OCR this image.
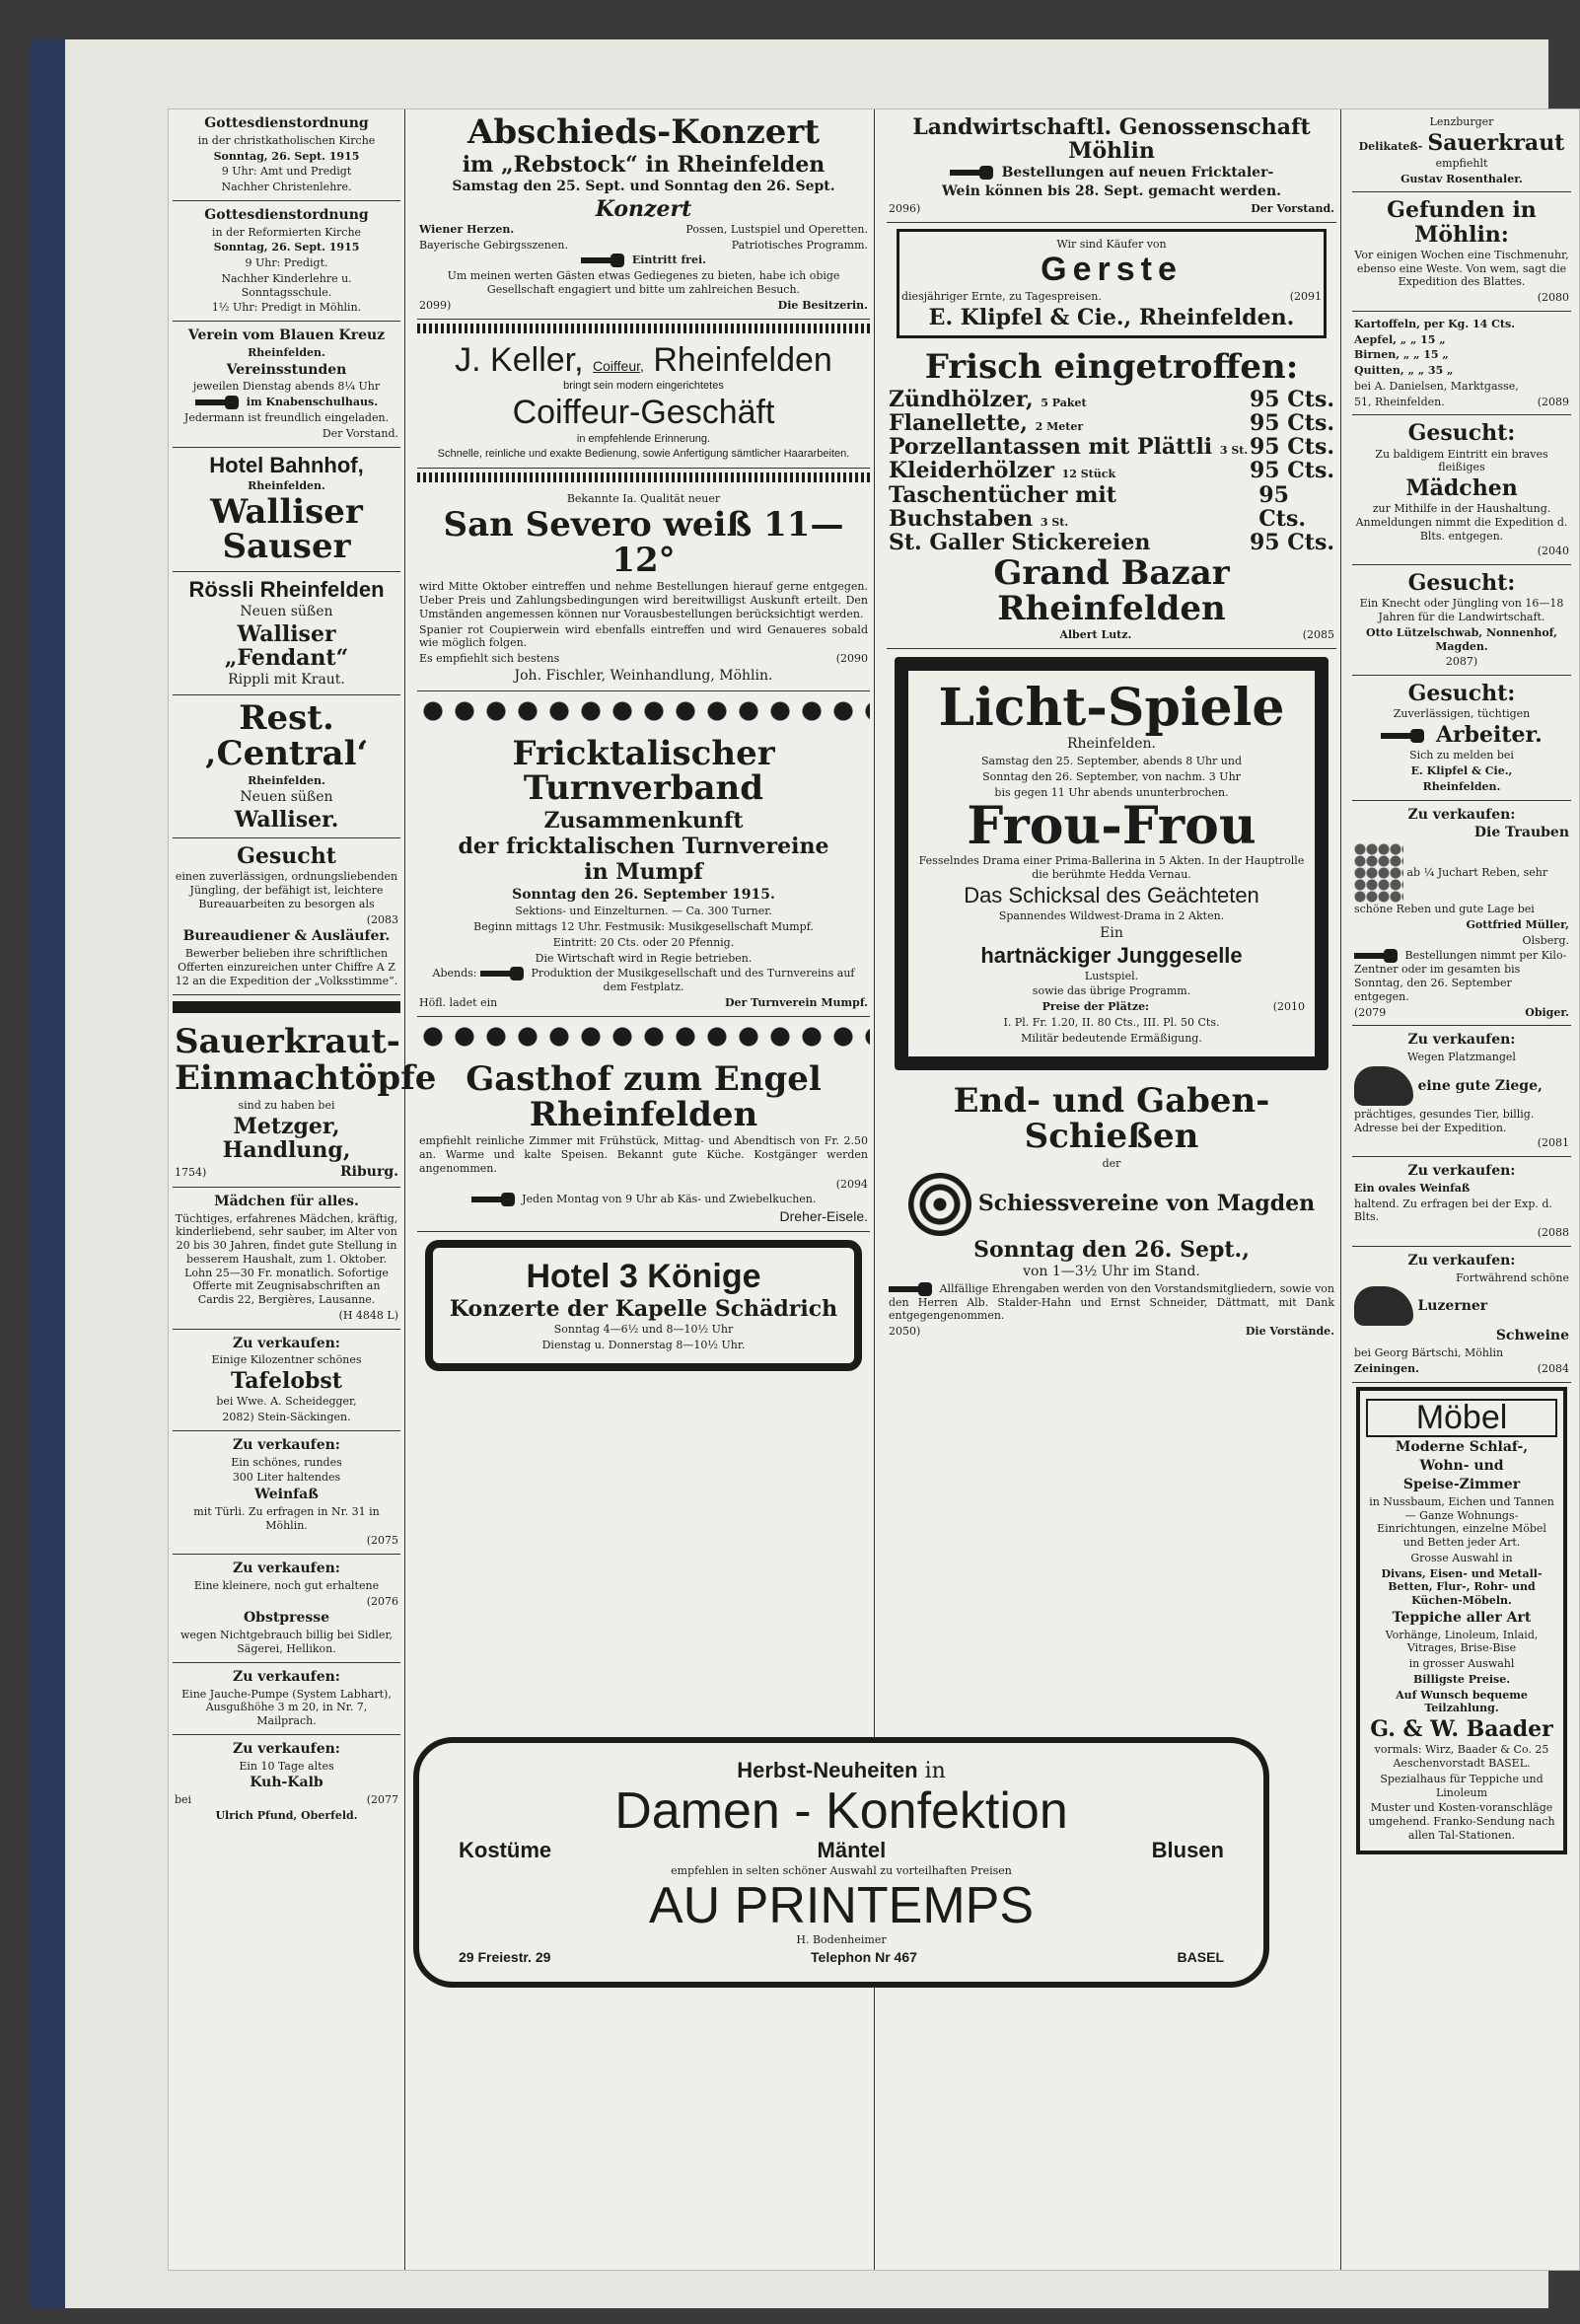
Gottesdienstordnung

in der christkatholischen Kirche

Sonntag, 26. Sept. 1915

9 Uhr: Amt und Predigt

Nachher Christenlehre.

Gottesdienstordnung

in der Reformierten Kirche

Sonntag, 26. Sept. 1915

9 Uhr: Predigt.

Nachher Kinderlehre u. Sonntagsschule.

1½ Uhr: Predigt in Möhlin.

Verein vom Blauen Kreuz

Rheinfelden.

Vereinsstunden

jeweilen Dienstag abends 8¼ Uhr

im Knabenschulhaus.

Jedermann ist freundlich eingeladen.

Der Vorstand.

Hotel Bahnhof,

Rheinfelden.

Walliser Sauser

Rössli Rheinfelden

Neuen süßen

Walliser „Fendant“

Rippli mit Kraut.

Rest. ‚Central‘

Rheinfelden.

Neuen süßen

Walliser.

Gesucht

einen zuverlässigen, ordnungsliebenden Jüngling, der befähigt ist, leichtere Bureauarbeiten zu besorgen als

(2083

Bureaudiener & Ausläufer.

Bewerber belieben ihre schriftlichen Offerten einzureichen unter Chiffre A Z 12 an die Expedition der „Volksstimme“.

Sauerkraut-

Einmachtöpfe

sind zu haben bei

Metzger, Handlung,

1754)	Riburg.

Mädchen für alles.

Tüchtiges, erfahrenes Mädchen, kräftig, kinderliebend, sehr sauber, im Alter von 20 bis 30 Jahren, findet gute Stellung in besserem Haushalt, zum 1. Oktober. Lohn 25—30 Fr. monatlich. Sofortige Offerte mit Zeugnisabschriften an Cardis 22, Bergières, Lausanne.

(H 4848 L)

Zu verkaufen:

Einige Kilozentner schönes

Tafelobst

bei Wwe. A. Scheidegger,

2082) Stein-Säckingen.

Zu verkaufen:

Ein schönes, rundes

300 Liter haltendes

Weinfaß

mit Türli. Zu erfragen in Nr. 31 in Möhlin.

(2075

Zu verkaufen:

Eine kleinere, noch gut erhaltene

(2076

Obstpresse

wegen Nichtgebrauch billig bei Sidler, Sägerei, Hellikon.

Zu verkaufen:

Eine Jauche-Pumpe (System Labhart), Ausgußhöhe 3 m 20, in Nr. 7, Mailprach.

Zu verkaufen:

Ein 10 Tage altes

Kuh-Kalb

bei	(2077

Ulrich Pfund, Oberfeld.

Abschieds-Konzert

im „Rebstock“ in Rheinfelden

Samstag den 25. Sept. und Sonntag den 26. Sept.

Konzert

Wiener Herzen.	Possen, Lustspiel und Operetten.

Bayerische Gebirgsszenen.	Patriotisches Programm.

Eintritt frei.

Um meinen werten Gästen etwas Gediegenes zu bieten, habe ich obige Gesellschaft engagiert und bitte um zahlreichen Besuch.

2099)	Die Besitzerin.

J. Keller, Coiffeur, Rheinfelden

bringt sein modern eingerichtetes

Coiffeur-Geschäft

in empfehlende Erinnerung.

Schnelle, reinliche und exakte Bedienung, sowie Anfertigung sämtlicher Haararbeiten.

Bekannte Ia. Qualität neuer

San Severo weiß 11—12°

wird Mitte Oktober eintreffen und nehme Bestellungen hierauf gerne entgegen. Ueber Preis und Zahlungsbedingungen wird bereitwilligst Auskunft erteilt. Den Umständen angemessen können nur Vorausbestellungen berücksichtigt werden.

Spanier rot Coupierwein wird ebenfalls eintreffen und wird Genaueres sobald wie möglich folgen.

Es empfiehlt sich bestens	(2090

Joh. Fischler, Weinhandlung, Möhlin.

Fricktalischer Turnverband

Zusammenkunft

der fricktalischen Turnvereine

in Mumpf

Sonntag den 26. September 1915.

Sektions- und Einzelturnen. — Ca. 300 Turner.

Beginn mittags 12 Uhr. Festmusik: Musikgesellschaft Mumpf.

Eintritt: 20 Cts. oder 20 Pfennig.

Die Wirtschaft wird in Regie betrieben.

Abends:	Produktion der Musikgesellschaft und des Turnvereins auf dem Festplatz.

Höfl. ladet ein	Der Turnverein Mumpf.

Gasthof zum Engel Rheinfelden

empfiehlt reinliche Zimmer mit Frühstück, Mittag- und Abendtisch von Fr. 2.50 an. Warme und kalte Speisen. Bekannt gute Küche. Kostgänger werden angenommen.

(2094

Jeden Montag von 9 Uhr ab Käs- und Zwiebelkuchen.

Dreher-Eisele.

Hotel 3 Könige

Konzerte der Kapelle Schädrich

Sonntag 4—6½ und 8—10½ Uhr

Dienstag u. Donnerstag 8—10½ Uhr.

Landwirtschaftl. Genossenschaft Möhlin

Bestellungen auf neuen Fricktaler-

Wein können bis 28. Sept. gemacht werden.

2096)	Der Vorstand.

Wir sind Käufer von

Gerste

diesjähriger Ernte, zu Tagespreisen.	(2091

E. Klipfel & Cie., Rheinfelden.

Frisch eingetroffen:

Zündhölzer, 5 Paket	95 Cts.
Flanellette, 2 Meter	95 Cts.
Porzellantassen mit Plättli 3 St. 95 Cts.
Kleiderhölzer 12 Stück	95 Cts.
Taschentücher mit Buchstaben 3 St.
95 Cts.
St. Galler Stickereien	95 Cts.

Grand Bazar Rheinfelden

Albert Lutz.	(2085

Licht-Spiele

Rheinfelden.

Samstag den 25. September, abends 8 Uhr und

Sonntag den 26. September, von nachm. 3 Uhr

bis gegen 11 Uhr abends ununterbrochen.

Frou-Frou

Fesselndes Drama einer Prima-Ballerina in 5 Akten. In der Hauptrolle die berühmte Hedda Vernau.

Das Schicksal des Geächteten

Spannendes Wildwest-Drama in 2 Akten.

Ein

hartnäckiger Junggeselle

Lustspiel.

sowie das übrige Programm.

Preise der Plätze:	(2010

I. Pl. Fr. 1.20, II. 80 Cts., III. Pl. 50 Cts.

Militär bedeutende Ermäßigung.

End- und Gaben-Schießen

der

Schiessvereine von Magden

Sonntag den 26. Sept.,

von 1—3½ Uhr im Stand.

Allfällige Ehrengaben werden von den Vorstandsmitgliedern, sowie von den Herren Alb. Stalder-Hahn und Ernst Schneider, Dättmatt, mit Dank entgegengenommen.

2050)	Die Vorstände.

Lenzburger

Delikateß- Sauerkraut

empfiehlt

Gustav Rosenthaler.

Gefunden in Möhlin:

Vor einigen Wochen eine Tischmenuhr, ebenso eine Weste. Von wem, sagt die Expedition des Blattes.

(2080

Kartoffeln, per Kg. 14 Cts.

Aepfel, „ „ 15 „

Birnen, „ „ 15 „

Quitten, „ „ 35 „

bei A. Danielsen, Marktgasse,

51, Rheinfelden.	(2089

Gesucht:

Zu baldigem Eintritt ein braves fleißiges

Mädchen

zur Mithilfe in der Haushaltung. Anmeldungen nimmt die Expedition d. Blts. entgegen.

(2040

Gesucht:

Ein Knecht oder Jüngling von 16—18 Jahren für die Landwirtschaft.

Otto Lützelschwab, Nonnenhof, Magden.

2087)

Gesucht:

Zuverlässigen, tüchtigen

Arbeiter.

Sich zu melden bei

E. Klipfel & Cie.,

Rheinfelden.

Zu verkaufen:

Die Trauben

ab ¼ Juchart Reben, sehr schöne Reben und gute Lage bei

Gottfried Müller,

Olsberg.

Bestellungen nimmt per Kilo-Zentner oder im gesamten bis Sonntag, den 26. September entgegen.

(2079	Obiger.

Zu verkaufen:

Wegen Platzmangel

eine gute Ziege,

prächtiges, gesundes Tier, billig. Adresse bei der Expedition.

(2081

Zu verkaufen:

Ein ovales Weinfaß

haltend. Zu erfragen bei der Exp. d. Blts.

(2088

Zu verkaufen:

Fortwährend schöne

Luzerner

Schweine

bei Georg Bärtschi, Möhlin

Zeiningen.	(2084

Möbel

Moderne Schlaf-,

Wohn- und

Speise-Zimmer

in Nussbaum, Eichen und Tannen — Ganze Wohnungs-Einrichtungen, einzelne Möbel und Betten jeder Art.

Grosse Auswahl in

Divans, Eisen- und Metall-Betten, Flur-, Rohr- und Küchen-Möbeln.

Teppiche aller Art

Vorhänge, Linoleum, Inlaid, Vitrages, Brise-Bise

in grosser Auswahl

Billigste Preise.

Auf Wunsch bequeme Teilzahlung.

G. & W. Baader

vormals: Wirz, Baader & Co. 25 Aeschenvorstadt BASEL.

Spezialhaus für Teppiche und Linoleum

Muster und Kosten-voranschläge umgehend. Franko-Sendung nach allen Tal-Stationen.

Herbst-Neuheiten in

Damen - Konfektion

Kostüme	Mäntel	Blusen

empfehlen in selten schöner Auswahl zu vorteilhaften Preisen

AU PRINTEMPS

H. Bodenheimer

29 Freiestr. 29	Telephon Nr 467	BASEL
